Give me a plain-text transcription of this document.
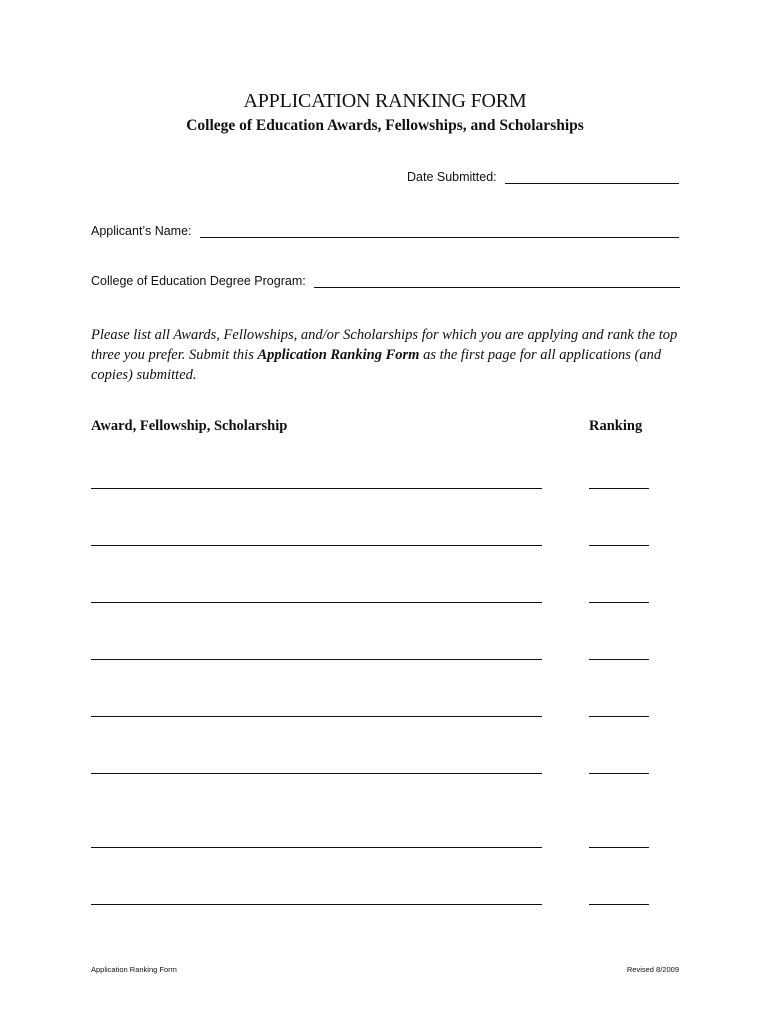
APPLICATION RANKING FORM
College of Education Awards, Fellowships, and Scholarships
Date Submitted:
Applicant’s Name:
College of Education Degree Program:

Please list all Awards, Fellowships, and/or Scholarships for which you are applying and rank the top three you prefer. Submit this Application Ranking Form as the first page for all applications (and copies) submitted.

Award, Fellowship, Scholarship	Ranking
Application Ranking Form	Revised 8/2009
